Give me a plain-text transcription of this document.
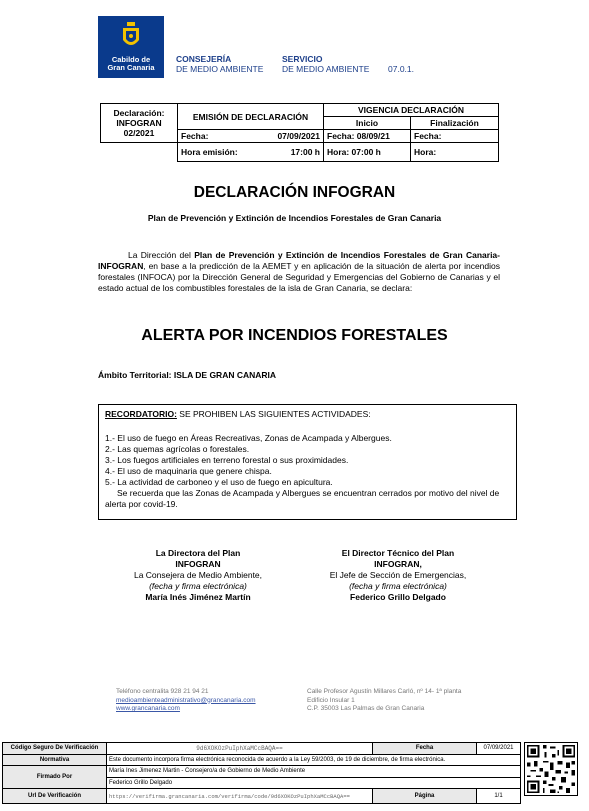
Cabildo de
Gran Canaria
CONSEJERÍA
DE MEDIO AMBIENTE
SERVICIO
DE MEDIO AMBIENTE 07.0.1.
Declaración:
INFOGRAN
02/2021	EMISIÓN DE DECLARACIÓN		VIGENCIA DECLARACIÓN	
			Inicio	Finalización
	Fecha:	07/09/2021	Fecha: 08/09/21	Fecha:
	Hora emisión:	17:00 h	Hora: 07:00 h	Hora:
DECLARACIÓN INFOGRAN
Plan de Prevención y Extinción de Incendios Forestales de Gran Canaria
La Dirección del Plan de Prevención y Extinción de Incendios Forestales de Gran Canaria-INFOGRAN, en base a la predicción de la AEMET y en aplicación de la situación de alerta por incendios forestales (INFOCA) por la Dirección General de Seguridad y Emergencias del Gobierno de Canarias y el estado actual de los combustibles forestales de la isla de Gran Canaria, se declara:
ALERTA POR INCENDIOS FORESTALES
Ámbito Territorial: ISLA DE GRAN CANARIA
RECORDATORIO: SE PROHIBEN LAS SIGUIENTES ACTIVIDADES:
1.- El uso de fuego en Áreas Recreativas, Zonas de Acampada y Albergues.
2.- Las quemas agrícolas o forestales.
3.- Los fuegos artificiales en terreno forestal o sus proximidades.
4.- El uso de maquinaria que genere chispa.
5.- La actividad de carboneo y el uso de fuego en apicultura.
Se recuerda que las Zonas de Acampada y Albergues se encuentran cerrados por motivo del nivel de alerta por covid-19.
La Directora del Plan
INFOGRAN
La Consejera de Medio Ambiente,
(fecha y firma electrónica)
María Inés Jiménez Martín
El Director Técnico del Plan
INFOGRAN,
El Jefe de Sección de Emergencias,
(fecha y firma electrónica)
Federico Grillo Delgado
Teléfono centralita 928 21 94 21
medioambienteadministrativo@grancanaria.com
www.grancanaria.com
Calle Profesor Agustín Millares Carló, nº 14- 1ª planta
Edificio Insular 1
C.P. 35003 Las Palmas de Gran Canaria
Código Seguro De Verificación	9d6XOKOzPuIphXaMCcBAQA==	Fecha	07/09/2021
Normativa	Este documento incorpora firma electrónica reconocida de acuerdo a la Ley 59/2003, de 19 de diciembre, de firma electrónica.		
Firmado Por	María Ines Jimenez Martin - Consejero/a de Gobierno de Medio Ambiente		
	Federico Grillo Delgado		
Url De Verificación	https://verifirma.grancanaria.com/verifirma/code/9d6XOKOzPuIphXaMCcBAQA==	Página	1/1
